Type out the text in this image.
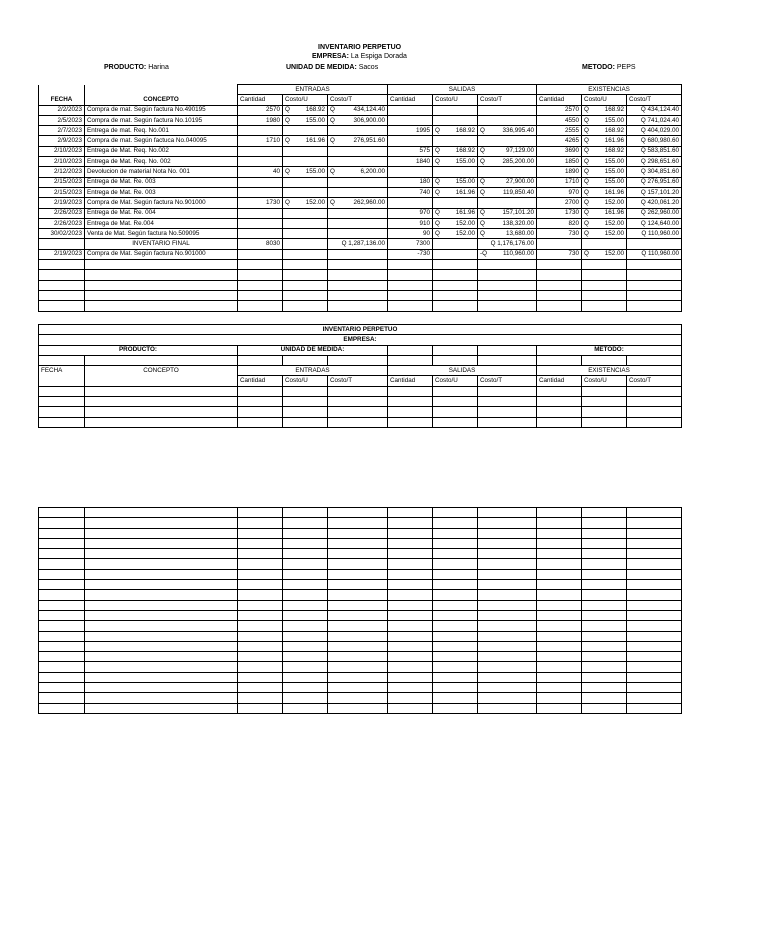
INVENTARIO PERPETUO
EMPRESA: La Espiga Dorada
PRODUCTO: Harina	UNIDAD DE MEDIDA: Sacos	METODO: PEPS
		ENTRADAS			SALIDAS			EXISTENCIAS		
FECHA	CONCEPTO	Cantidad	Costo/U	Costo/T	Cantidad	Costo/U	Costo/T	Cantidad	Costo/U	Costo/T
2/2/2023	Compra de mat. Según factura No.490195	2570	Q 168.92	Q 434,124.40				2570	Q 168.92	Q 434,124.40
2/5/2023	Compra de mat. Según factura No.10195	1980	Q 155.00	Q 306,900.00				4550	Q 155.00	Q 741,024.40
2/7/2023	Entrega de mat. Req. No.001				1995	Q 168.92	Q 336,995.40	2555	Q 168.92	Q 404,029.00
2/9/2023	Compra de mat. Según factuca No.040095	1710	Q 161.96	Q 276,951.60				4265	Q 161.96	Q 680,980.60
2/10/2023	Entrega de Mat. Req. No.002				575	Q 168.92	Q 97,129.00	3690	Q 168.92	Q 583,851.60
2/10/2023	Entrega de Mat. Req. No. 002				1840	Q 155.00	Q 285,200.00	1850	Q 155.00	Q 298,651.60
2/12/2023	Devolucion de material Nota No. 001	40	Q 155.00	Q 6,200.00				1890	Q 155.00	Q 304,851.60
2/15/2023	Entrega de Mat. Re. 003				180	Q 155.00	Q 27,900.00	1710	Q 155.00	Q 276,951.60
2/15/2023	Entrega de Mat. Re. 003				740	Q 161.96	Q 119,850.40	970	Q 161.96	Q 157,101.20
2/19/2023	Compra de Mat. Según factura No.901000	1730	Q 152.00	Q 262,960.00				2700	Q 152.00	Q 420,061.20
2/26/2023	Entrega de Mat. Re. 004				970	Q 161.96	Q 157,101.20	1730	Q 161.96	Q 262,960.00
2/26/2023	Entrega de Mat. Re.004				910	Q 152.00	Q 138,320.00	820	Q 152.00	Q 124,640.00
30/02/2023	Venta de Mat. Según factura No.509095				90	Q 152.00	Q 13,680.00	730	Q 152.00	Q 110,960.00
	INVENTARIO FINAL	8030		Q 1,287,136.00	7300		Q 1,176,176.00			
2/19/2023	Compra de Mat. Según factura No.901000				-730		-Q 110,960.00	730	Q 152.00	Q 110,960.00

INVENTARIO PERPETUO										
EMPRESA:										
PRODUCTO:		UNIDAD DE MEDIDA:						METODO:		

FECHA	CONCEPTO	ENTRADAS			SALIDAS			EXISTENCIAS		
		Cantidad	Costo/U	Costo/T	Cantidad	Costo/U	Costo/T	Cantidad	Costo/U	Costo/T
